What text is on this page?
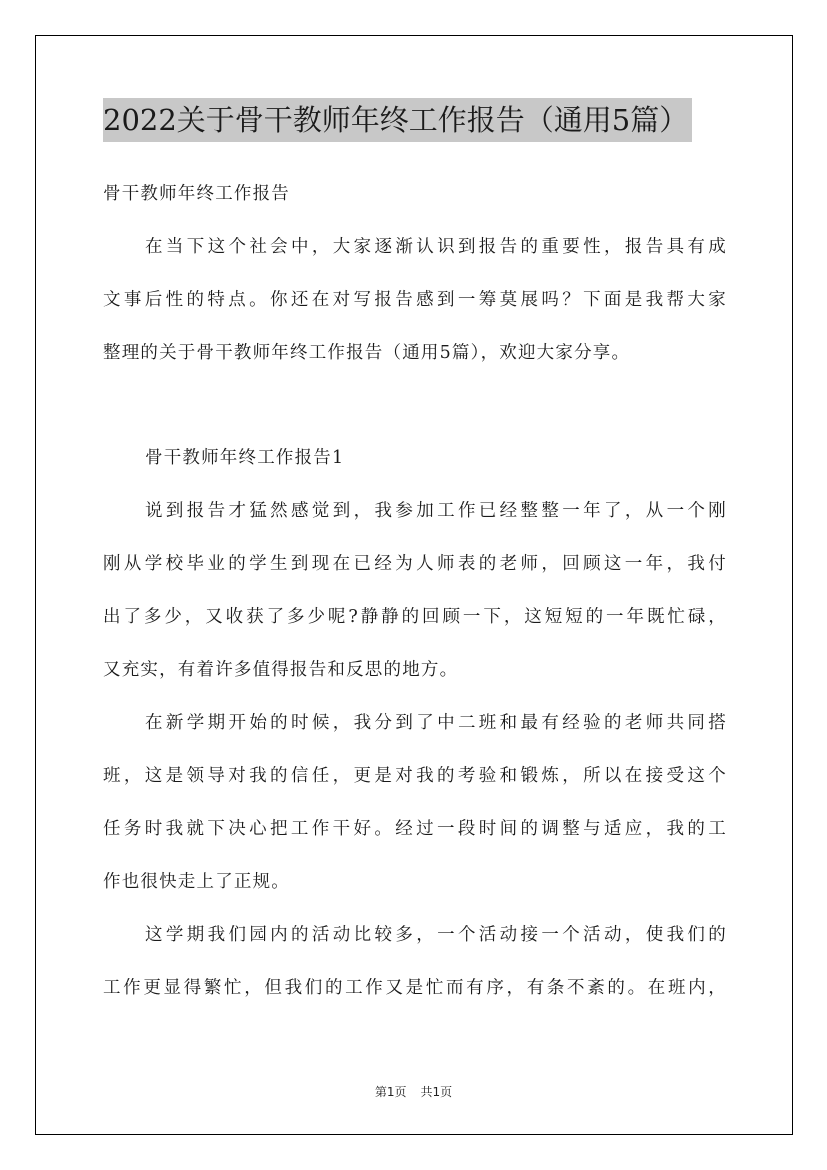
2022关于骨干教师年终工作报告（通用5篇）

骨干教师年终工作报告

在当下这个社会中，大家逐渐认识到报告的重要性，报告具有成

文事后性的特点。你还在对写报告感到一筹莫展吗？下面是我帮大家

整理的关于骨干教师年终工作报告（通用5篇），欢迎大家分享。

骨干教师年终工作报告1

说到报告才猛然感觉到，我参加工作已经整整一年了，从一个刚

刚从学校毕业的学生到现在已经为人师表的老师，回顾这一年，我付

出了多少，又收获了多少呢?静静的回顾一下，这短短的一年既忙碌，

又充实，有着许多值得报告和反思的地方。

在新学期开始的时候，我分到了中二班和最有经验的老师共同搭

班，这是领导对我的信任，更是对我的考验和锻炼，所以在接受这个

任务时我就下决心把工作干好。经过一段时间的调整与适应，我的工

作也很快走上了正规。

这学期我们园内的活动比较多，一个活动接一个活动，使我们的

工作更显得繁忙，但我们的工作又是忙而有序，有条不紊的。在班内，

第1页 共1页
